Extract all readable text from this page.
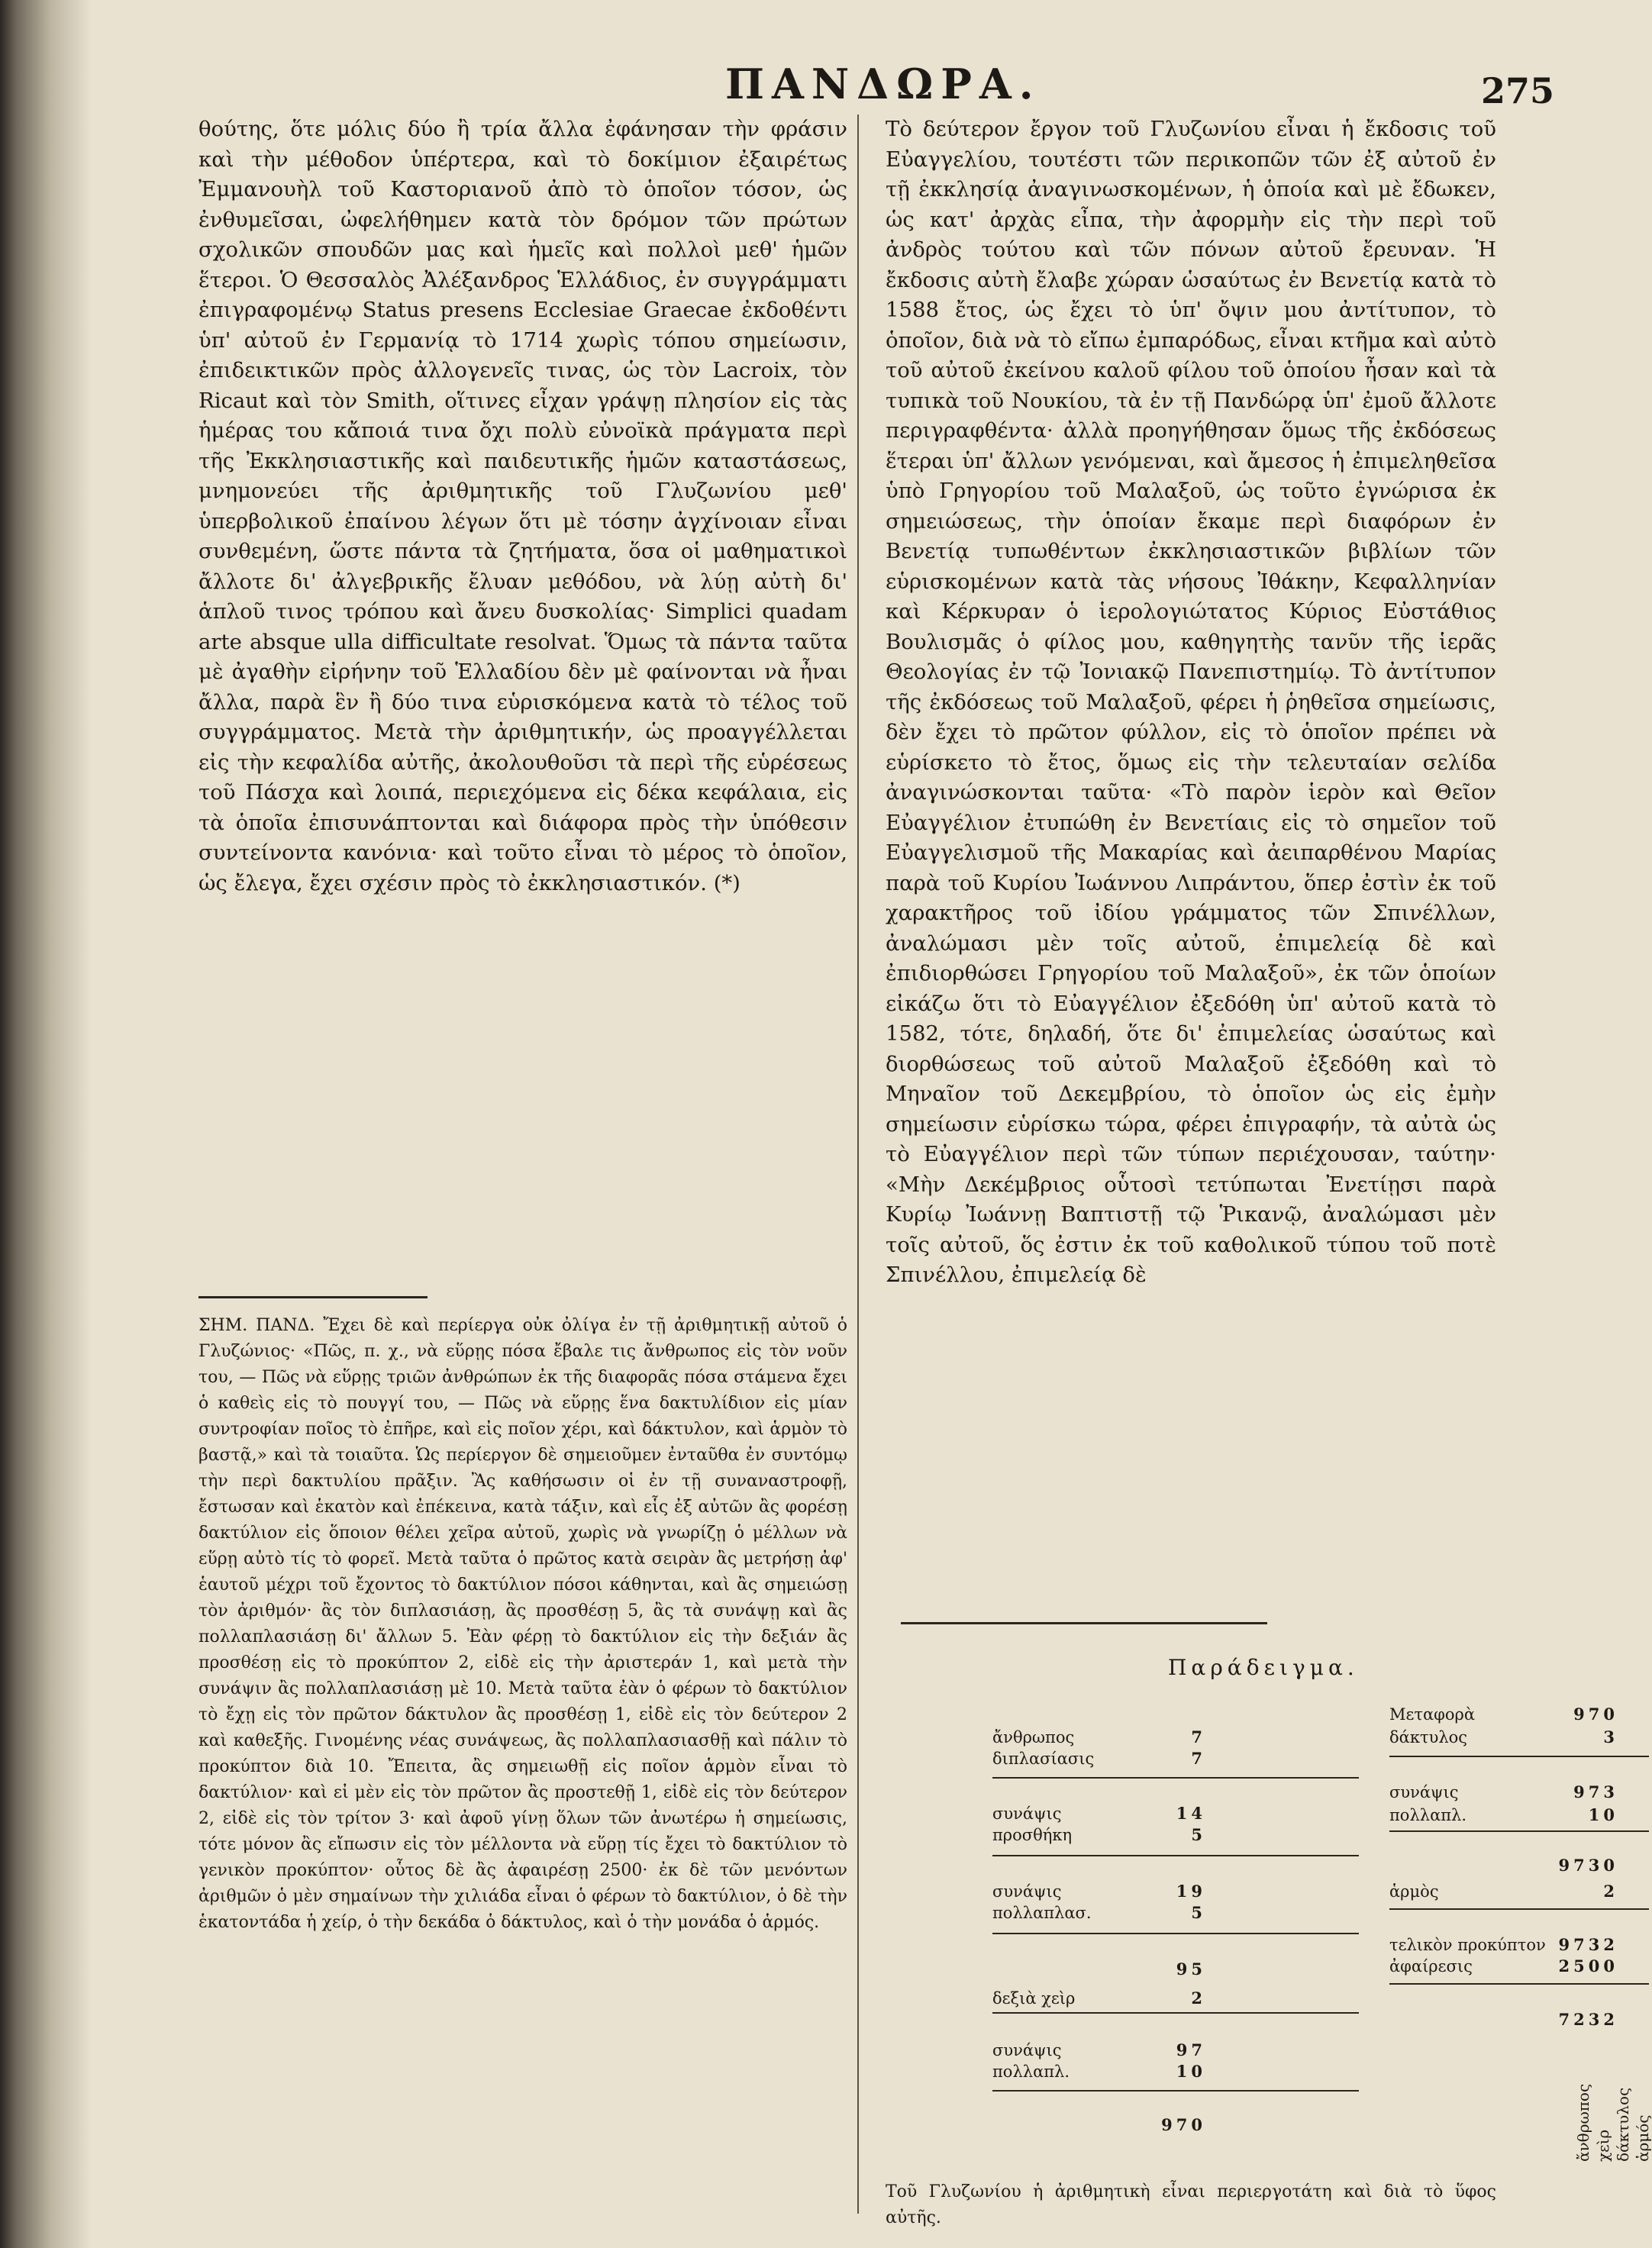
ΠΑΝΔΩΡΑ.	275

θούτης, ὅτε μόλις δύο ἢ τρία ἄλλα ἐφάνησαν τὴν φράσιν καὶ τὴν μέθοδον ὑπέρτερα, καὶ τὸ δοκίμιον ἐξαιρέτως Ἐμμανουὴλ τοῦ Καστοριανοῦ ἀπὸ τὸ ὁποῖον τόσον, ὡς ἐνθυμεῖσαι, ὠφελήθημεν κατὰ τὸν δρόμον τῶν πρώτων σχολικῶν σπουδῶν μας καὶ ἡμεῖς καὶ πολλοὶ μεθ' ἡμῶν ἕτεροι. Ὁ Θεσσαλὸς Ἀλέξανδρος Ἑλλάδιος, ἐν συγγράμματι ἐπιγραφομένῳ Status presens Ecclesiae Graecae ἐκδοθέντι ὑπ' αὐτοῦ ἐν Γερμανίᾳ τὸ 1714 χωρὶς τόπου σημείωσιν, ἐπιδεικτικῶν πρὸς ἀλλογενεῖς τινας, ὡς τὸν Lacroix, τὸν Ricaut καὶ τὸν Smith, οἵτινες εἶχαν γράψῃ πλησίον εἰς τὰς ἡμέρας του κἄποιά τινα ὄχι πολὺ εὐνοϊκὰ πράγματα περὶ τῆς Ἐκκλησιαστικῆς καὶ παιδευτικῆς ἡμῶν καταστάσεως, μνημονεύει τῆς ἀριθμητικῆς τοῦ Γλυζωνίου μεθ' ὑπερβολικοῦ ἐπαίνου λέγων ὅτι μὲ τόσην ἀγχίνοιαν εἶναι συνθεμένη, ὥστε πάντα τὰ ζητήματα, ὅσα οἱ μαθηματικοὶ ἄλλοτε δι' ἀλγεβρικῆς ἔλυαν μεθόδου, νὰ λύῃ αὐτὴ δι' ἁπλοῦ τινος τρόπου καὶ ἄνευ δυσκολίας· Simplici quadam arte absque ulla difficultate resolvat. Ὅμως τὰ πάντα ταῦτα μὲ ἀγαθὴν εἰρήνην τοῦ Ἑλλαδίου δὲν μὲ φαίνονται νὰ ἦναι ἄλλα, παρὰ ἓν ἢ δύο τινα εὑρισκόμενα κατὰ τὸ τέλος τοῦ συγγράμματος. Μετὰ τὴν ἀριθμητικήν, ὡς προαγγέλλεται εἰς τὴν κεφαλίδα αὐτῆς, ἀκολουθοῦσι τὰ περὶ τῆς εὑρέσεως τοῦ Πάσχα καὶ λοιπά, περιεχόμενα εἰς δέκα κεφάλαια, εἰς τὰ ὁποῖα ἐπισυνάπτονται καὶ διάφορα πρὸς τὴν ὑπόθεσιν συντείνοντα κανόνια· καὶ τοῦτο εἶναι τὸ μέρος τὸ ὁποῖον, ὡς ἔλεγα, ἔχει σχέσιν πρὸς τὸ ἐκκλησιαστικόν. (*)

ΣΗΜ. ΠΑΝΔ. Ἔχει δὲ καὶ περίεργα οὐκ ὀλίγα ἐν τῇ ἀριθμητικῇ αὐτοῦ ὁ Γλυζώνιος· «Πῶς, π. χ., νὰ εὕρῃς πόσα ἔβαλε τις ἄνθρωπος εἰς τὸν νοῦν του, — Πῶς νὰ εὕρῃς τριῶν ἀνθρώπων ἐκ τῆς διαφορᾶς πόσα στάμενα ἔχει ὁ καθεὶς εἰς τὸ πουγγί του, — Πῶς νὰ εὕρῃς ἕνα δακτυλίδιον εἰς μίαν συντροφίαν ποῖος τὸ ἐπῆρε, καὶ εἰς ποῖον χέρι, καὶ δάκτυλον, καὶ ἁρμὸν τὸ βαστᾷ,» καὶ τὰ τοιαῦτα. Ὡς περίεργον δὲ σημειοῦμεν ἐνταῦθα ἐν συντόμῳ τὴν περὶ δακτυλίου πρᾶξιν. Ἂς καθήσωσιν οἱ ἐν τῇ συναναστροφῇ, ἔστωσαν καὶ ἑκατὸν καὶ ἐπέκεινα, κατὰ τάξιν, καὶ εἷς ἐξ αὐτῶν ἂς φορέσῃ δακτύλιον εἰς ὅποιον θέλει χεῖρα αὐτοῦ, χωρὶς νὰ γνωρίζῃ ὁ μέλλων νὰ εὕρῃ αὐτὸ τίς τὸ φορεῖ. Μετὰ ταῦτα ὁ πρῶτος κατὰ σειρὰν ἂς μετρήσῃ ἀφ' ἑαυτοῦ μέχρι τοῦ ἔχοντος τὸ δακτύλιον πόσοι κάθηνται, καὶ ἂς σημειώσῃ τὸν ἀριθμόν· ἂς τὸν διπλασιάσῃ, ἂς προσθέσῃ 5, ἂς τὰ συνάψῃ καὶ ἂς πολλαπλασιάσῃ δι' ἄλλων 5. Ἐὰν φέρῃ τὸ δακτύλιον εἰς τὴν δεξιάν ἂς προσθέσῃ εἰς τὸ προκύπτον 2, εἰδὲ εἰς τὴν ἀριστεράν 1, καὶ μετὰ τὴν συνάψιν ἂς πολλαπλασιάσῃ μὲ 10. Μετὰ ταῦτα ἐὰν ὁ φέρων τὸ δακτύλιον τὸ ἔχῃ εἰς τὸν πρῶτον δάκτυλον ἂς προσθέσῃ 1, εἰδὲ εἰς τὸν δεύτερον 2 καὶ καθεξῆς. Γινομένης νέας συνάψεως, ἂς πολλαπλασιασθῇ καὶ πάλιν τὸ προκύπτον διὰ 10. Ἔπειτα, ἂς σημειωθῇ εἰς ποῖον ἁρμὸν εἶναι τὸ δακτύλιον· καὶ εἰ μὲν εἰς τὸν πρῶτον ἂς προστεθῇ 1, εἰδὲ εἰς τὸν δεύτερον 2, εἰδὲ εἰς τὸν τρίτον 3· καὶ ἀφοῦ γίνῃ ὅλων τῶν ἀνωτέρω ἡ σημείωσις, τότε μόνον ἂς εἴπωσιν εἰς τὸν μέλλοντα νὰ εὕρῃ τίς ἔχει τὸ δακτύλιον τὸ γενικὸν προκύπτον· οὗτος δὲ ἂς ἀφαιρέσῃ 2500· ἐκ δὲ τῶν μενόντων ἀριθμῶν ὁ μὲν σημαίνων τὴν χιλιάδα εἶναι ὁ φέρων τὸ δακτύλιον, ὁ δὲ τὴν ἑκατοντάδα ἡ χείρ, ὁ τὴν δεκάδα ὁ δάκτυλος, καὶ ὁ τὴν μονάδα ὁ ἁρμός.

Τὸ δεύτερον ἔργον τοῦ Γλυζωνίου εἶναι ἡ ἔκδοσις τοῦ Εὐαγγελίου, τουτέστι τῶν περικοπῶν τῶν ἐξ αὐτοῦ ἐν τῇ ἐκκλησίᾳ ἀναγινωσκομένων, ἡ ὁποία καὶ μὲ ἔδωκεν, ὡς κατ' ἀρχὰς εἶπα, τὴν ἀφορμὴν εἰς τὴν περὶ τοῦ ἀνδρὸς τούτου καὶ τῶν πόνων αὐτοῦ ἔρευναν. Ἡ ἔκδοσις αὐτὴ ἔλαβε χώραν ὡσαύτως ἐν Βενετίᾳ κατὰ τὸ 1588 ἔτος, ὡς ἔχει τὸ ὑπ' ὄψιν μου ἀντίτυπον, τὸ ὁποῖον, διὰ νὰ τὸ εἴπω ἐμπαρόδως, εἶναι κτῆμα καὶ αὐτὸ τοῦ αὐτοῦ ἐκείνου καλοῦ φίλου τοῦ ὁποίου ἦσαν καὶ τὰ τυπικὰ τοῦ Νουκίου, τὰ ἐν τῇ Πανδώρᾳ ὑπ' ἐμοῦ ἄλλοτε περιγραφθέντα· ἀλλὰ προηγήθησαν ὅμως τῆς ἐκδόσεως ἕτεραι ὑπ' ἄλλων γενόμεναι, καὶ ἄμεσος ἡ ἐπιμεληθεῖσα ὑπὸ Γρηγορίου τοῦ Μαλαξοῦ, ὡς τοῦτο ἐγνώρισα ἐκ σημειώσεως, τὴν ὁποίαν ἔκαμε περὶ διαφόρων ἐν Βενετίᾳ τυπωθέντων ἐκκλησιαστικῶν βιβλίων τῶν εὑρισκομένων κατὰ τὰς νήσους Ἰθάκην, Κεφαλληνίαν καὶ Κέρκυραν ὁ ἱερολογιώτατος Κύριος Εὐστάθιος Βουλισμᾶς ὁ φίλος μου, καθηγητὴς τανῦν τῆς ἱερᾶς Θεολογίας ἐν τῷ Ἰονιακῷ Πανεπιστημίῳ. Τὸ ἀντίτυπον τῆς ἐκδόσεως τοῦ Μαλαξοῦ, φέρει ἡ ῥηθεῖσα σημείωσις, δὲν ἔχει τὸ πρῶτον φύλλον, εἰς τὸ ὁποῖον πρέπει νὰ εὑρίσκετο τὸ ἔτος, ὅμως εἰς τὴν τελευταίαν σελίδα ἀναγινώσκονται ταῦτα· «Τὸ παρὸν ἱερὸν καὶ Θεῖον Εὐαγγέλιον ἐτυπώθη ἐν Βενετίαις εἰς τὸ σημεῖον τοῦ Εὐαγγελισμοῦ τῆς Μακαρίας καὶ ἀειπαρθένου Μαρίας παρὰ τοῦ Κυρίου Ἰωάννου Λιπράντου, ὅπερ ἐστὶν ἐκ τοῦ χαρακτῆρος τοῦ ἰδίου γράμματος τῶν Σπινέλλων, ἀναλώμασι μὲν τοῖς αὐτοῦ, ἐπιμελείᾳ δὲ καὶ ἐπιδιορθώσει Γρηγορίου τοῦ Μαλαξοῦ», ἐκ τῶν ὁποίων εἰκάζω ὅτι τὸ Εὐαγγέλιον ἐξεδόθη ὑπ' αὐτοῦ κατὰ τὸ 1582, τότε, δηλαδή, ὅτε δι' ἐπιμελείας ὡσαύτως καὶ διορθώσεως τοῦ αὐτοῦ Μαλαξοῦ ἐξεδόθη καὶ τὸ Μηναῖον τοῦ Δεκεμβρίου, τὸ ὁποῖον ὡς εἰς ἐμὴν σημείωσιν εὑρίσκω τώρα, φέρει ἐπιγραφήν, τὰ αὐτὰ ὡς τὸ Εὐαγγέλιον περὶ τῶν τύπων περιέχουσαν, ταύτην· «Μὴν Δεκέμβριος οὗτοσὶ τετύπωται Ἐνετίῃσι παρὰ Κυρίῳ Ἰωάννῃ Βαπτιστῇ τῷ Ῥικανῷ, ἀναλώμασι μὲν τοῖς αὐτοῦ, ὅς ἐστιν ἐκ τοῦ καθολικοῦ τύπου τοῦ ποτὲ Σπινέλλου, ἐπιμελείᾳ δὲ

Παράδειγμα.
ἄνθρωπος	7
διπλασίασις	7
συνάψις	14
προσθήκη	5
συνάψις	19
πολλαπλασ.	5
95
δεξιὰ χεὶρ	2
συνάψις	97
πολλαπλ.	10
970
Μεταφορὰ	970
δάκτυλος	3
συνάψις	973
πολλαπλ.	10
9730
ἁρμὸς	2
τελικὸν προκύπτον 9732
ἀφαίρεσις	2500
7232
ἄνθρωπος χεὶρ δάκτυλος ἁρμός

Τοῦ Γλυζωνίου ἡ ἀριθμητικὴ εἶναι περιεργοτάτη καὶ διὰ τὸ ὕφος αὐτῆς.
